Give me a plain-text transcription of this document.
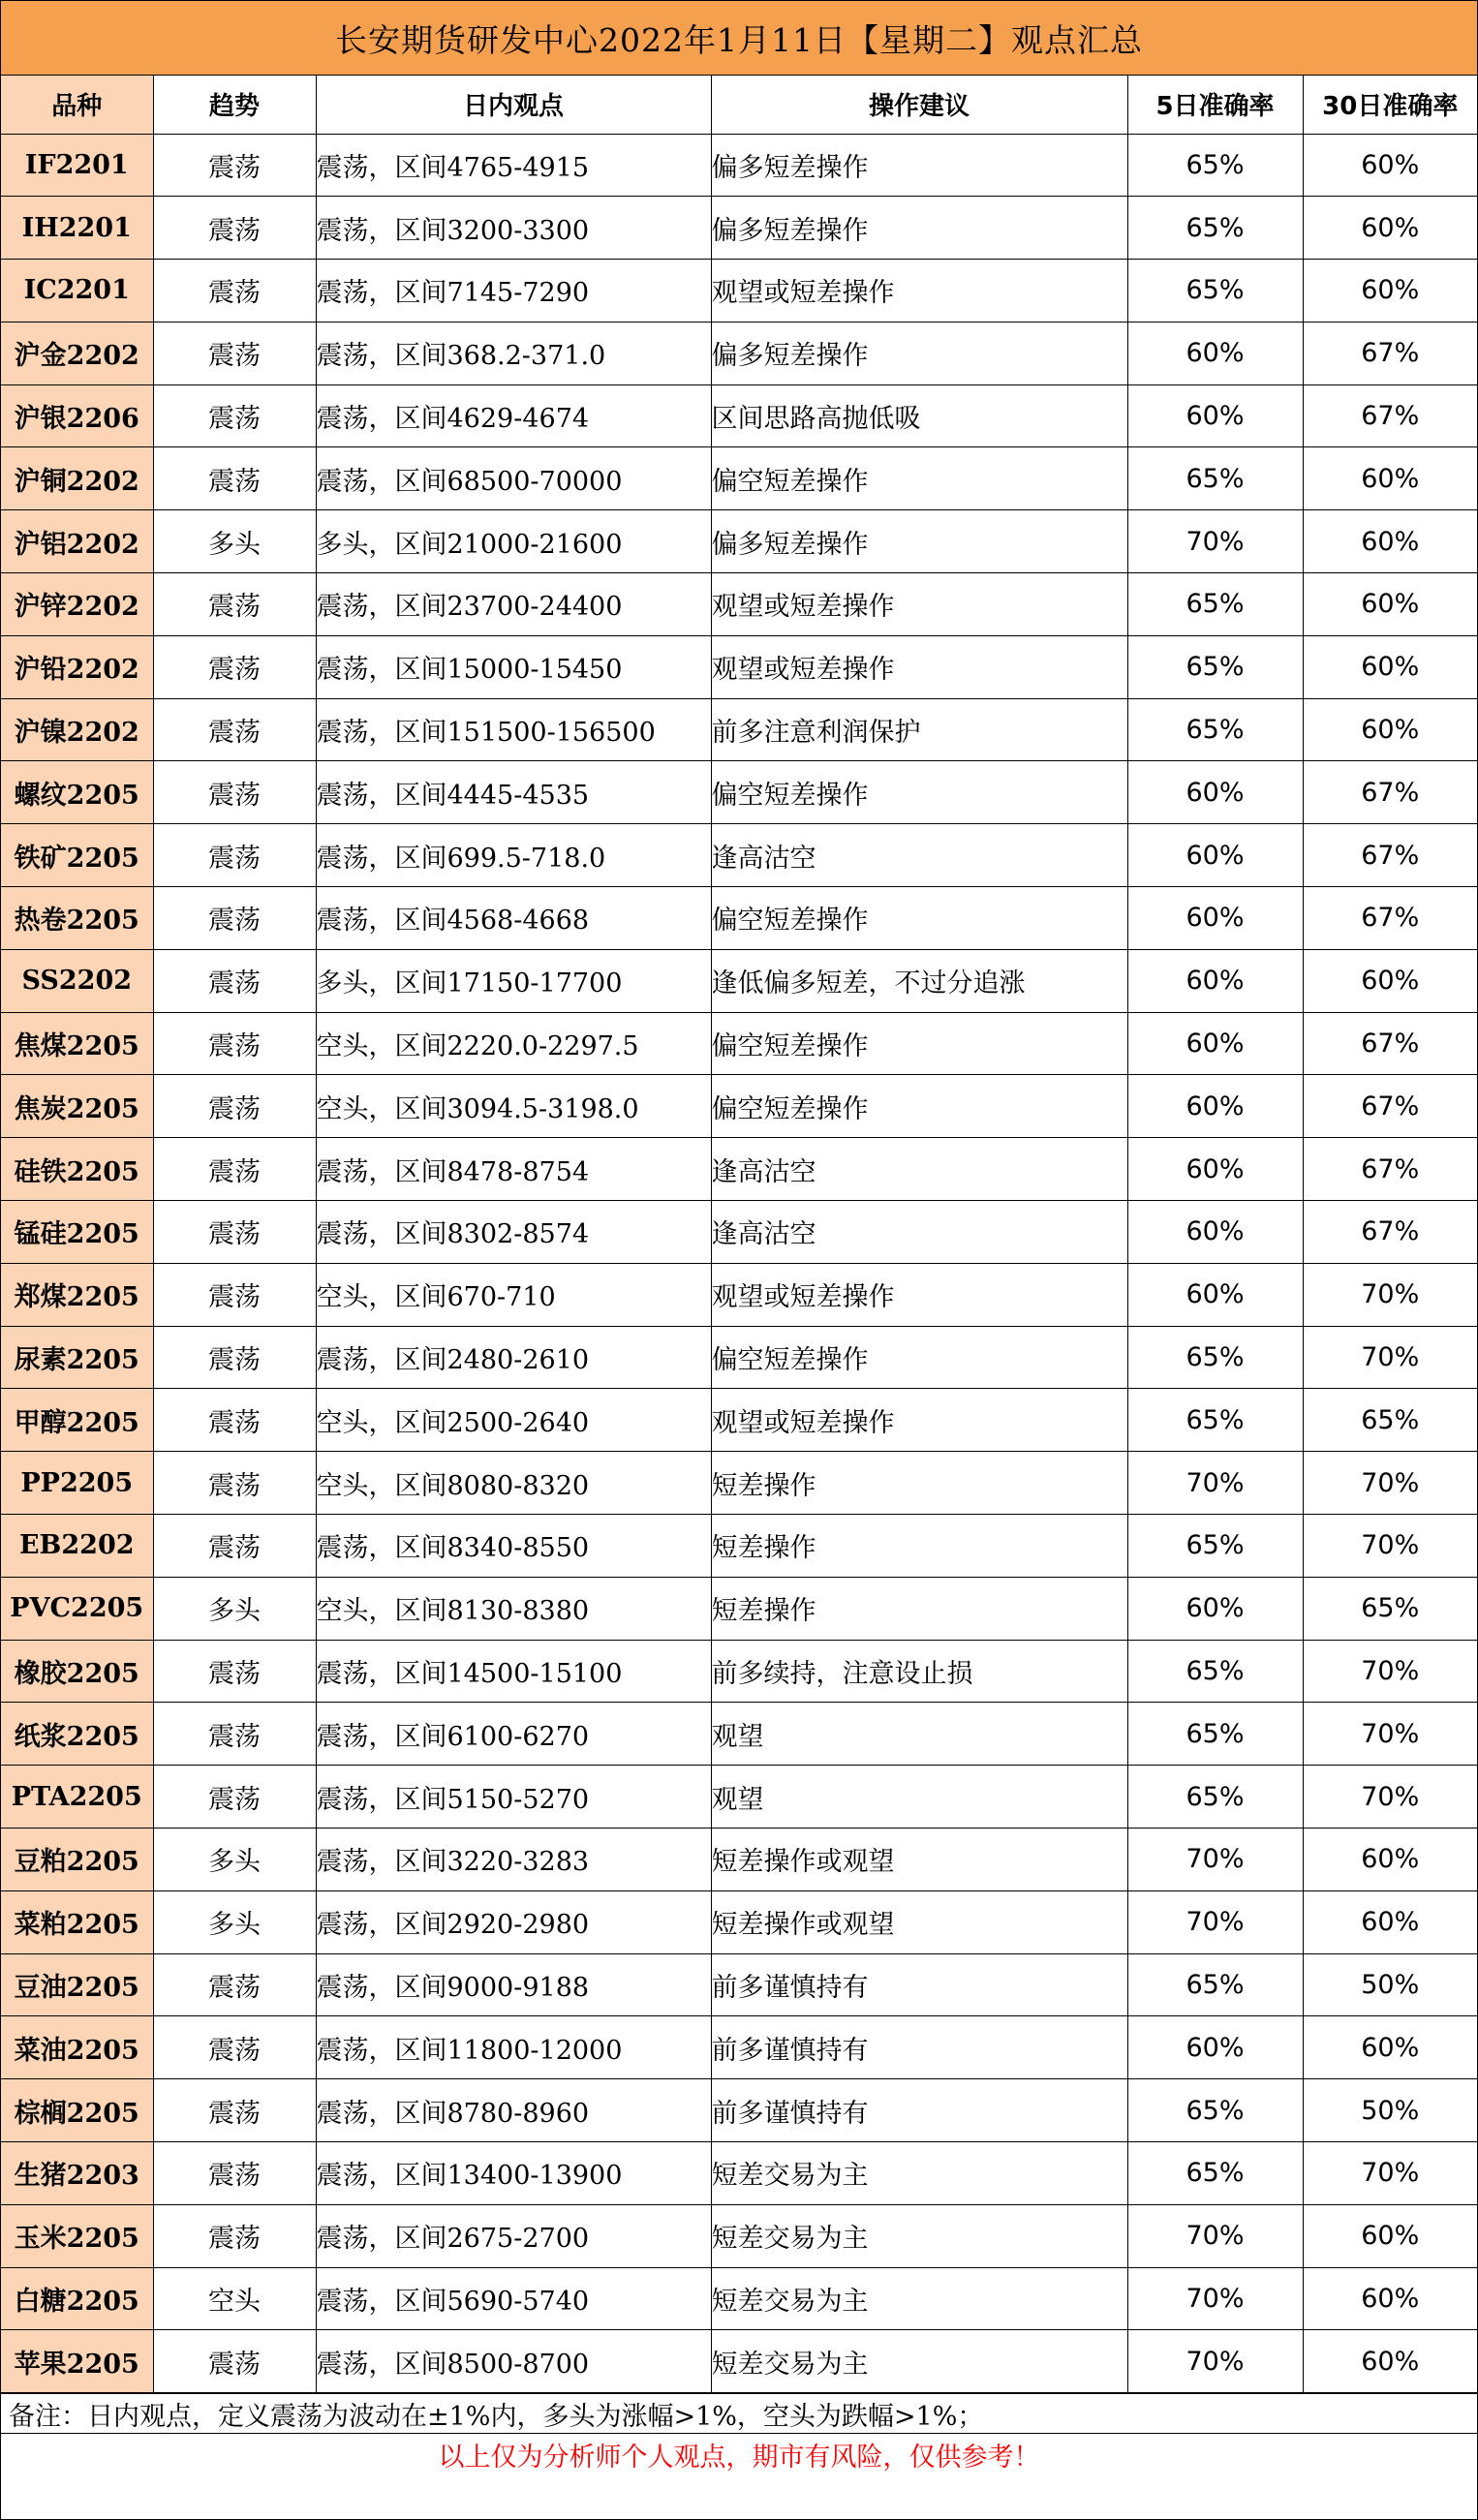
长安期货研发中心2022年1月11日【星期二】观点汇总
品种	趋势	日内观点	操作建议	5日准确率	30日准确率
IF2201	震荡	震荡，区间4765-4915	偏多短差操作	65%	60%
IH2201	震荡	震荡，区间3200-3300	偏多短差操作	65%	60%
IC2201	震荡	震荡，区间7145-7290	观望或短差操作	65%	60%
沪金2202	震荡	震荡，区间368.2-371.0	偏多短差操作	60%	67%
沪银2206	震荡	震荡，区间4629-4674	区间思路高抛低吸	60%	67%
沪铜2202	震荡	震荡，区间68500-70000	偏空短差操作	65%	60%
沪铝2202	多头	多头，区间21000-21600	偏多短差操作	70%	60%
沪锌2202	震荡	震荡，区间23700-24400	观望或短差操作	65%	60%
沪铅2202	震荡	震荡，区间15000-15450	观望或短差操作	65%	60%
沪镍2202	震荡	震荡，区间151500-156500	前多注意利润保护	65%	60%
螺纹2205	震荡	震荡，区间4445-4535	偏空短差操作	60%	67%
铁矿2205	震荡	震荡，区间699.5-718.0	逢高沽空	60%	67%
热卷2205	震荡	震荡，区间4568-4668	偏空短差操作	60%	67%
SS2202	震荡	多头，区间17150-17700	逢低偏多短差，不过分追涨	60%	60%
焦煤2205	震荡	空头，区间2220.0-2297.5	偏空短差操作	60%	67%
焦炭2205	震荡	空头，区间3094.5-3198.0	偏空短差操作	60%	67%
硅铁2205	震荡	震荡，区间8478-8754	逢高沽空	60%	67%
锰硅2205	震荡	震荡，区间8302-8574	逢高沽空	60%	67%
郑煤2205	震荡	空头，区间670-710	观望或短差操作	60%	70%
尿素2205	震荡	震荡，区间2480-2610	偏空短差操作	65%	70%
甲醇2205	震荡	空头，区间2500-2640	观望或短差操作	65%	65%
PP2205	震荡	空头，区间8080-8320	短差操作	70%	70%
EB2202	震荡	震荡，区间8340-8550	短差操作	65%	70%
PVC2205	多头	空头，区间8130-8380	短差操作	60%	65%
橡胶2205	震荡	震荡，区间14500-15100	前多续持，注意设止损	65%	70%
纸浆2205	震荡	震荡，区间6100-6270	观望	65%	70%
PTA2205	震荡	震荡，区间5150-5270	观望	65%	70%
豆粕2205	多头	震荡，区间3220-3283	短差操作或观望	70%	60%
菜粕2205	多头	震荡，区间2920-2980	短差操作或观望	70%	60%
豆油2205	震荡	震荡，区间9000-9188	前多谨慎持有	65%	50%
菜油2205	震荡	震荡，区间11800-12000	前多谨慎持有	60%	60%
棕榈2205	震荡	震荡，区间8780-8960	前多谨慎持有	65%	50%
生猪2203	震荡	震荡，区间13400-13900	短差交易为主	65%	70%
玉米2205	震荡	震荡，区间2675-2700	短差交易为主	70%	60%
白糖2205	空头	震荡，区间5690-5740	短差交易为主	70%	60%
苹果2205	震荡	震荡，区间8500-8700	短差交易为主	70%	60%
备注：日内观点，定义震荡为波动在±1%内，多头为涨幅>1%，空头为跌幅>1%；
以上仅为分析师个人观点，期市有风险，仅供参考！
